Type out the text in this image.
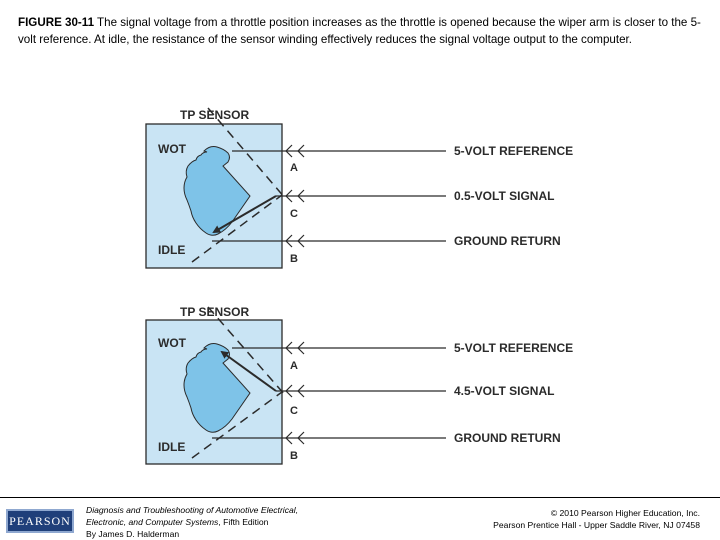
FIGURE 30-11 The signal voltage from a throttle position increases as the throttle is opened because the wiper arm is closer to the 5-volt reference. At idle, the resistance of the sensor winding effectively reduces the signal voltage output to the computer.
TP SENSOR
WOT
IDLE
A
C
B
5-VOLT REFERENCE
0.5-VOLT SIGNAL
GROUND RETURN
TP SENSOR
WOT
IDLE
A
C
B
5-VOLT REFERENCE
4.5-VOLT SIGNAL
GROUND RETURN
PEARSON
Diagnosis and Troubleshooting of Automotive Electrical,
Electronic, and Computer Systems, Fifth Edition
By James D. Halderman
© 2010 Pearson Higher Education, Inc.
Pearson Prentice Hall - Upper Saddle River, NJ 07458
